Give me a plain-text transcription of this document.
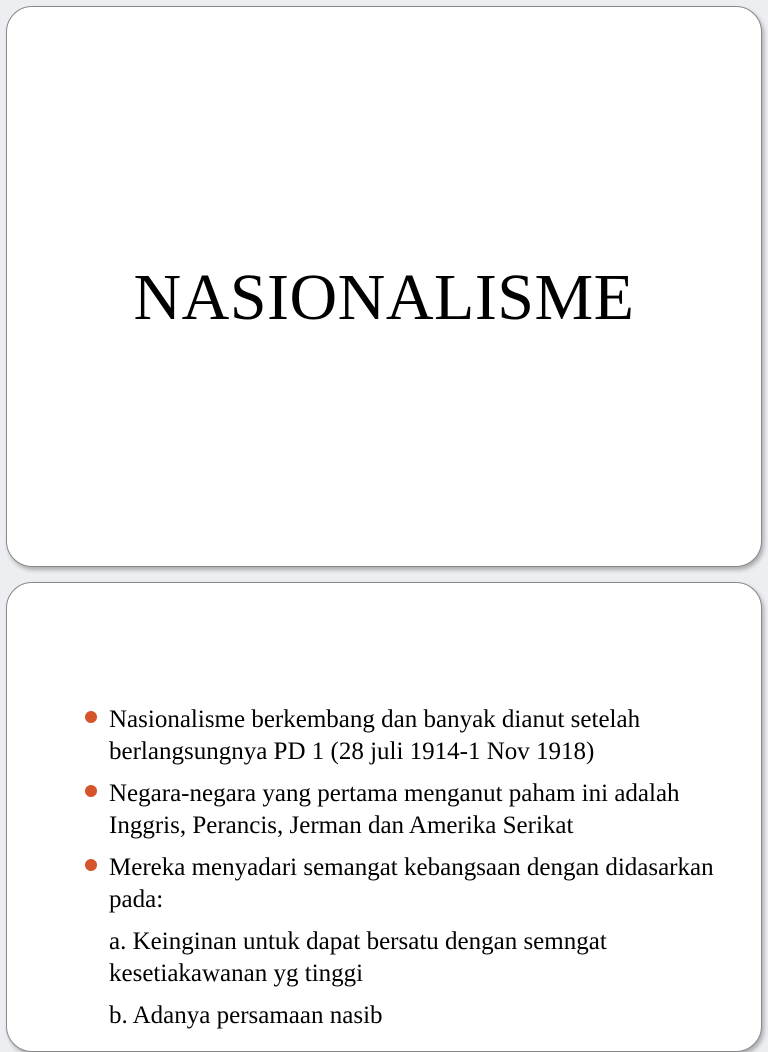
NASIONALISME
Nasionalisme berkembang dan banyak dianut setelah berlangsungnya PD 1 (28 juli 1914-1 Nov 1918)
Negara-negara yang pertama menganut paham ini adalah Inggris, Perancis, Jerman dan Amerika Serikat
Mereka menyadari semangat kebangsaan dengan didasarkan pada:
a. Keinginan untuk dapat bersatu dengan semngat kesetiakawanan yg tinggi
b. Adanya persamaan nasib
